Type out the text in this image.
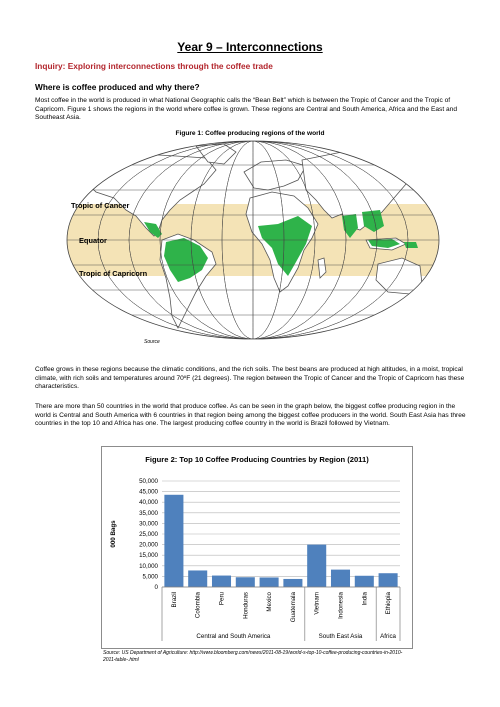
Year 9 – Interconnections
Inquiry: Exploring interconnections through the coffee trade
Where is coffee produced and why there?
Most coffee in the world is produced in what National Geographic calls the “Bean Belt” which is between the Tropic of Cancer and the Tropic of Capricorn. Figure 1 shows the regions in the world where coffee is grown. These regions are Central and South America, Africa and the East and Southeast Asia.
Figure 1: Coffee producing regions of the world
Tropic of Cancer
Equator
Tropic of Capricorn
Source
Coffee grows in these regions because the climatic conditions, and the rich soils. The best beans are produced at high altitudes, in a moist, tropical climate, with rich soils and temperatures around 70ºF (21 degrees). The region between the Tropic of Cancer and the Tropic of Capricorn has these characteristics.
There are more than 50 countries in the world that produce coffee. As can be seen in the graph below, the biggest coffee producing region in the world is Central and South America with 6 countries in that region being among the biggest coffee producers in the world. South East Asia has three countries in the top 10 and Africa has one. The largest producing coffee country in the world is Brazil followed by Vietnam.
Figure 2: Top 10 Coffee Producing Countries by Region (2011)
0
5,000
10,000
15,000
20,000
25,000
30,000
35,000
40,000
45,000
50,000
Brazil	Colombia	Peru	Honduras	Mexico	Guatemala	Vietnam	Indonesia	India	Ethiopia
Central and South America	South East Asia	Africa
000 Bags
Source: US Department of Agriculture: http://www.bloomberg.com/news/2011-08-19/world-s-top-10-coffee-producing-countries-in-2010-2011-table-.html
